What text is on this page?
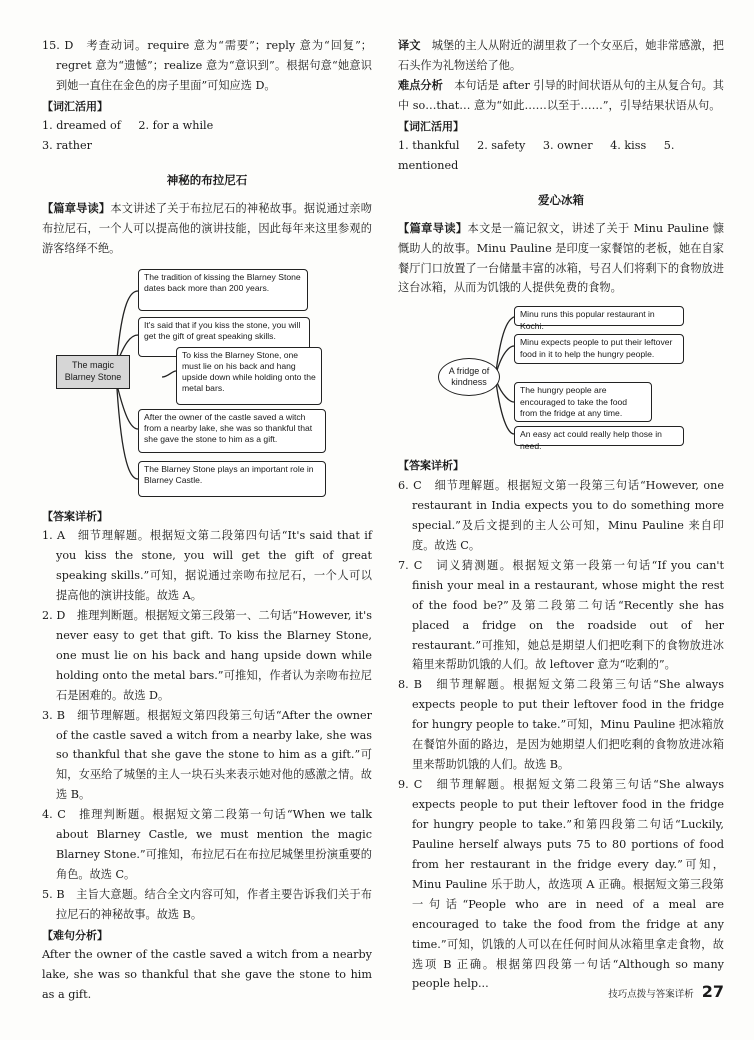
15. D　考查动词。require 意为“需要”；reply 意为“回复”；regret 意为“遗憾”；realize 意为“意识到”。根据句意“她意识到她一直住在金色的房子里面”可知应选 D。

【词汇活用】

1. dreamed of 2. for a while

3. rather

神秘的布拉尼石

【篇章导读】本文讲述了关于布拉尼石的神秘故事。据说通过亲吻布拉尼石，一个人可以提高他的演讲技能，因此每年来这里参观的游客络绎不绝。

The tradition of kissing the Blarney Stone dates back more than 200 years.
It's said that if you kiss the stone, you will get the gift of great speaking skills.
To kiss the Blarney Stone, one must lie on his back and hang upside down while holding onto the metal bars.
After the owner of the castle saved a witch from a nearby lake, she was so thankful that she gave the stone to him as a gift.
The Blarney Stone plays an important role in Blarney Castle.
The magic Blarney Stone

【答案详析】

1. A　细节理解题。根据短文第二段第四句话“It's said that if you kiss the stone, you will get the gift of great speaking skills.”可知，据说通过亲吻布拉尼石，一个人可以提高他的演讲技能。故选 A。

2. D　推理判断题。根据短文第三段第一、二句话“However, it's never easy to get that gift. To kiss the Blarney Stone, one must lie on his back and hang upside down while holding onto the metal bars.”可推知，作者认为亲吻布拉尼石是困难的。故选 D。

3. B　细节理解题。根据短文第四段第三句话“After the owner of the castle saved a witch from a nearby lake, she was so thankful that she gave the stone to him as a gift.”可知，女巫给了城堡的主人一块石头来表示她对他的感激之情。故选 B。

4. C　推理判断题。根据短文第二段第一句话“When we talk about Blarney Castle, we must mention the magic Blarney Stone.”可推知，布拉尼石在布拉尼城堡里扮演重要的角色。故选 C。

5. B　主旨大意题。结合全文内容可知，作者主要告诉我们关于布拉尼石的神秘故事。故选 B。

【难句分析】

After the owner of the castle saved a witch from a nearby lake, she was so thankful that she gave the stone to him as a gift.

译文　 城堡的主人从附近的湖里救了一个女巫后，她非常感激，把石头作为礼物送给了他。

难点分析　 本句话是 after 引导的时间状语从句的主从复合句。其中 so…that… 意为“如此……以至于……”，引导结果状语从句。

【词汇活用】

1. thankful 2. safety 3. owner 4. kiss 5. mentioned

爱心冰箱

【篇章导读】本文是一篇记叙文，讲述了关于 Minu Pauline 慷慨助人的故事。Minu Pauline 是印度一家餐馆的老板，她在自家餐厅门口放置了一台储量丰富的冰箱，号召人们将剩下的食物放进这台冰箱，从而为饥饿的人提供免费的食物。

Minu runs this popular restaurant in Kochi.
Minu expects people to put their leftover food in it to help the hungry people.
The hungry people are encouraged to take the food from the fridge at any time.
An easy act could really help those in need.
A fridge of kindness

【答案详析】

6. C　细节理解题。根据短文第一段第三句话“However, one restaurant in India expects you to do something more special.”及后文提到的主人公可知，Minu Pauline 来自印度。故选 C。

7. C　词义猜测题。根据短文第一段第一句话“If you can't finish your meal in a restaurant, whose might the rest of the food be?”及第二段第二句话“Recently she has placed a fridge on the roadside out of her restaurant.”可推知，她总是期望人们把吃剩下的食物放进冰箱里来帮助饥饿的人们。故 leftover 意为“吃剩的”。

8. B　细节理解题。根据短文第二段第三句话“She always expects people to put their leftover food in the fridge for hungry people to take.”可知，Minu Pauline 把冰箱放在餐馆外面的路边，是因为她期望人们把吃剩的食物放进冰箱里来帮助饥饿的人们。故选 B。

9. C　细节理解题。根据短文第二段第三句话“She always expects people to put their leftover food in the fridge for hungry people to take.”和第四段第二句话“Luckily, Pauline herself always puts 75 to 80 portions of food from her restaurant in the fridge every day.”可知，Minu Pauline 乐于助人，故选项 A 正确。根据短文第三段第一句话“People who are in need of a meal are encouraged to take the food from the fridge at any time.”可知，饥饿的人可以在任何时间从冰箱里拿走食物，故选项 B 正确。根据第四段第一句话“Although so many people help...

技巧点拨与答案详析 27
